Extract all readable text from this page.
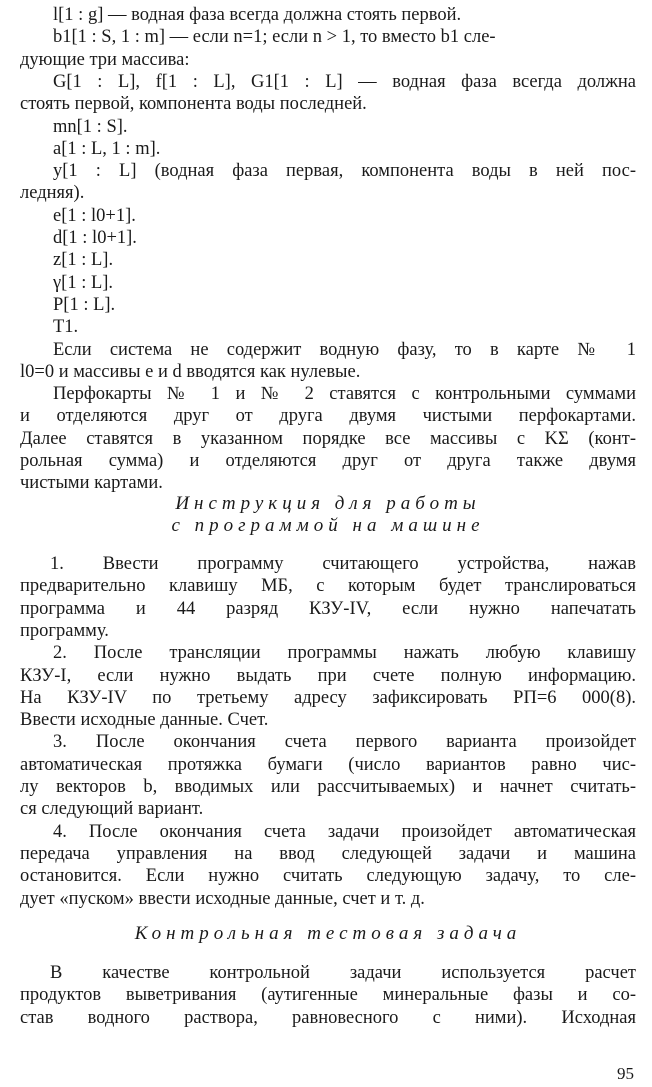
l[1 : g] — водная фаза всегда должна стоять первой.
b1[1 : S, 1 : m] — если n=1; если n > 1, то вместо b1 сле-
дующие три массива:
G[1 : L], f[1 : L], G1[1 : L] — водная фаза всегда должна
стоять первой, компонента воды последней.
mn[1 : S].
a[1 : L, 1 : m].
y[1 : L] (водная фаза первая, компонента воды в ней пос-
ледняя).
e[1 : l0+1].
d[1 : l0+1].
z[1 : L].
γ[1 : L].
P[1 : L].
T1.
Если система не содержит водную фазу, то в карте № 1
l0=0 и массивы e и d вводятся как нулевые.
Перфокарты № 1 и № 2 ставятся с контрольными суммами
и отделяются друг от друга двумя чистыми перфокартами.
Далее ставятся в указанном порядке все массивы с KΣ (конт-
рольная сумма) и отделяются друг от друга также двумя
чистыми картами.
Инструкция для работы
с программой на машине
1. Ввести программу считающего устройства, нажав
предварительно клавишу МБ, с которым будет транслироваться
программа и 44 разряд КЗУ-IV, если нужно напечатать
программу.
2. После трансляции программы нажать любую клавишу
КЗУ-I, если нужно выдать при счете полную информацию.
На КЗУ-IV по третьему адресу зафиксировать РП=6 000(8).
Ввести исходные данные. Счет.
3. После окончания счета первого варианта произойдет
автоматическая протяжка бумаги (число вариантов равно чис-
лу векторов b, вводимых или рассчитываемых) и начнет считать-
ся следующий вариант.
4. После окончания счета задачи произойдет автоматическая
передача управления на ввод следующей задачи и машина
остановится. Если нужно считать следующую задачу, то сле-
дует «пуском» ввести исходные данные, счет и т. д.
Контрольная тестовая задача
В качестве контрольной задачи используется расчет
продуктов выветривания (аутигенные минеральные фазы и со-
став водного раствора, равновесного с ними). Исходная
95
